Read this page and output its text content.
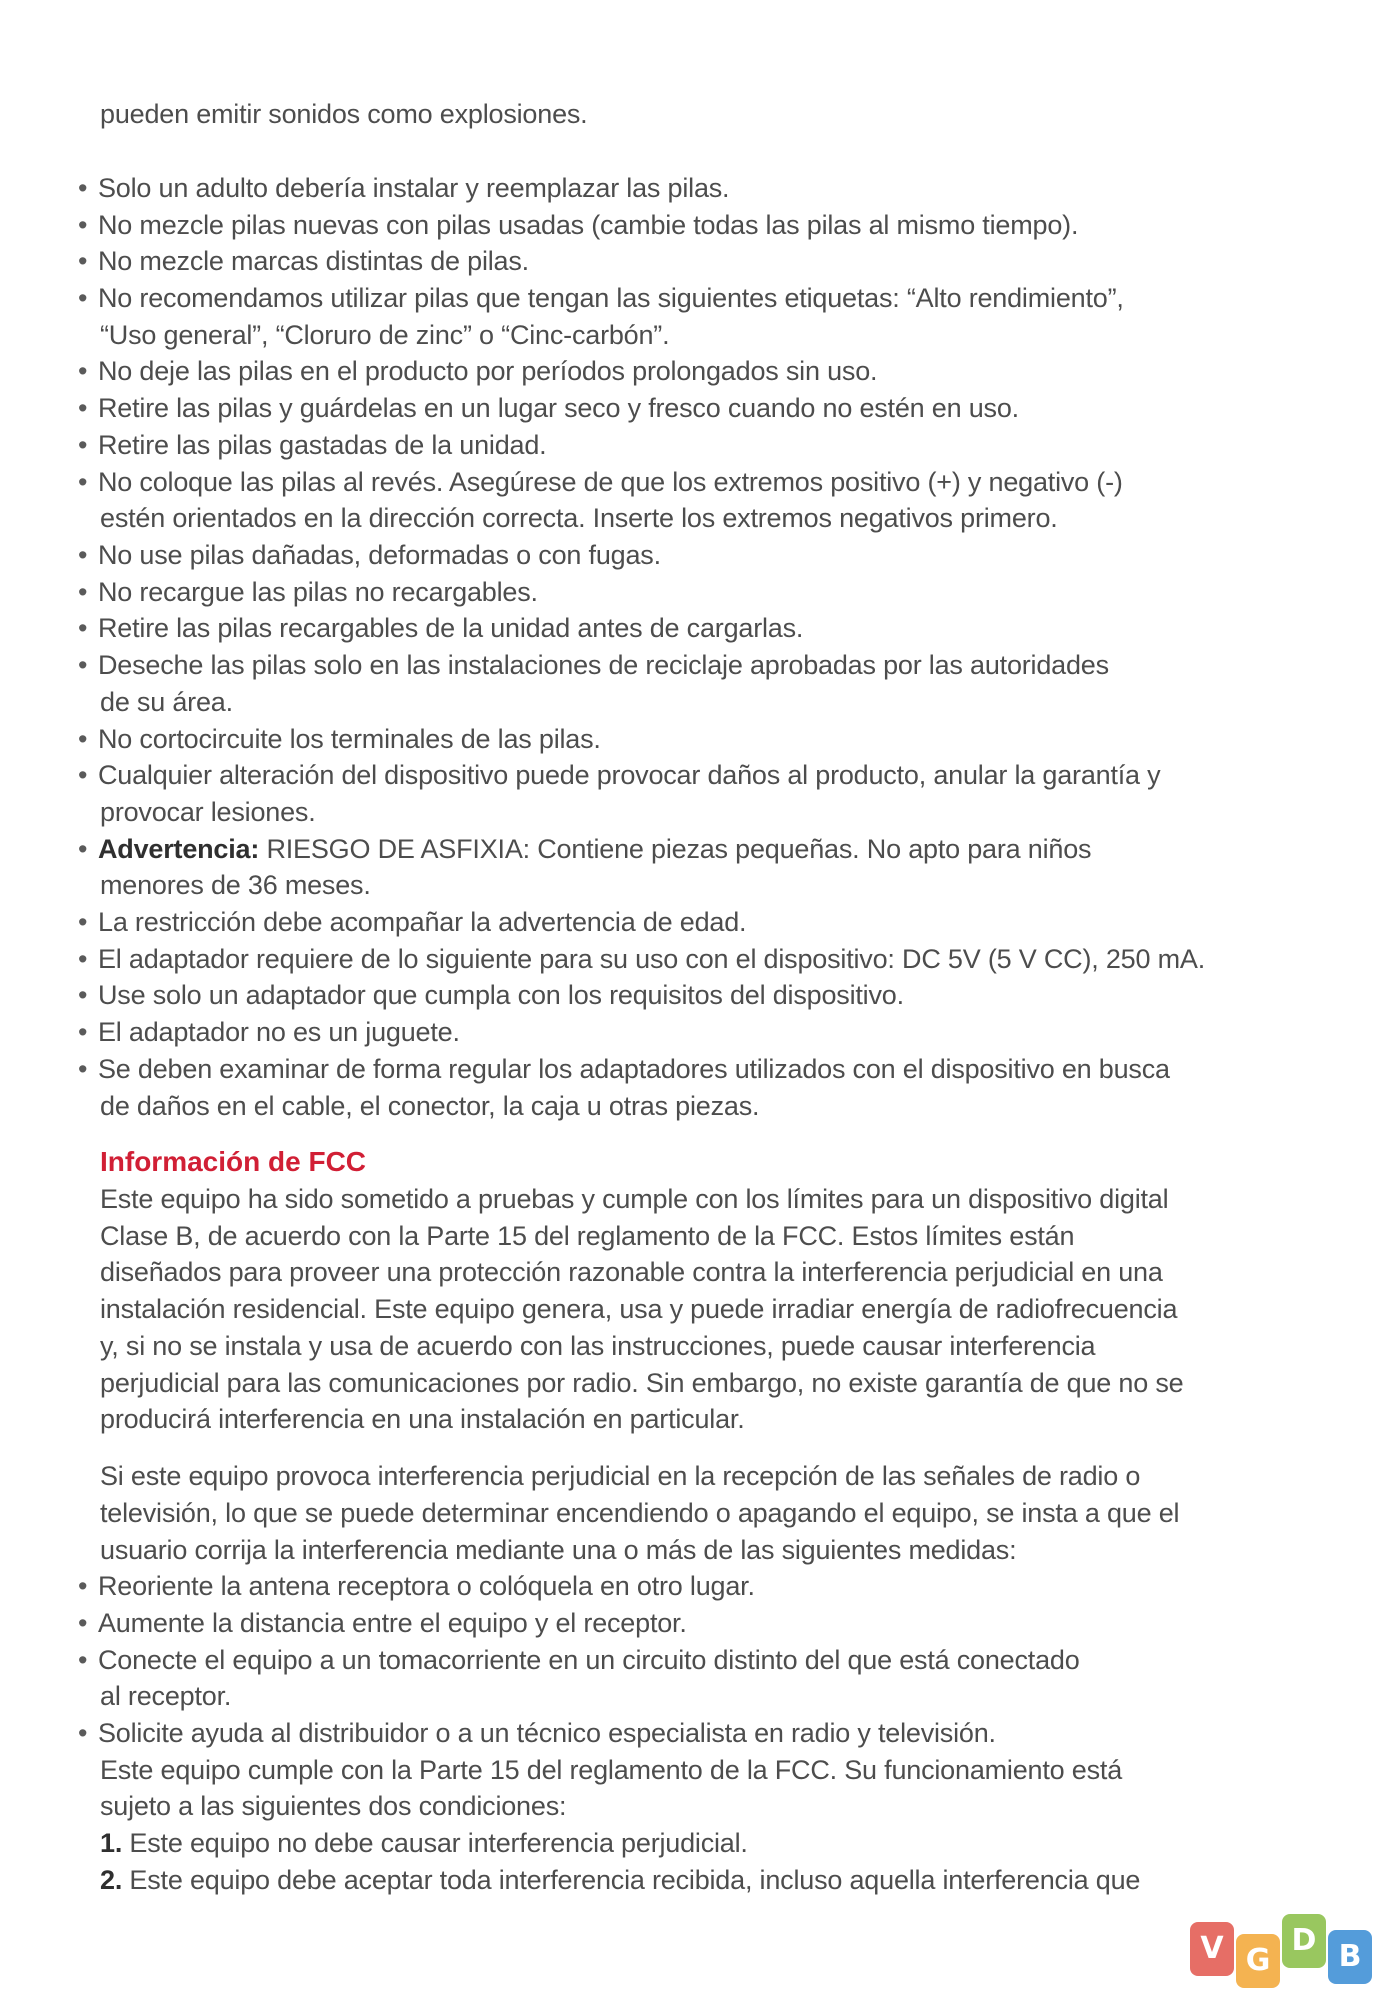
pueden emitir sonidos como explosiones.
• Solo un adulto debería instalar y reemplazar las pilas.
• No mezcle pilas nuevas con pilas usadas (cambie todas las pilas al mismo tiempo).
• No mezcle marcas distintas de pilas.
• No recomendamos utilizar pilas que tengan las siguientes etiquetas: “Alto rendimiento”,
“Uso general”, “Cloruro de zinc” o “Cinc-carbón”.
• No deje las pilas en el producto por períodos prolongados sin uso.
• Retire las pilas y guárdelas en un lugar seco y fresco cuando no estén en uso.
• Retire las pilas gastadas de la unidad.
• No coloque las pilas al revés. Asegúrese de que los extremos positivo (+) y negativo (-)
estén orientados en la dirección correcta. Inserte los extremos negativos primero.
• No use pilas dañadas, deformadas o con fugas.
• No recargue las pilas no recargables.
• Retire las pilas recargables de la unidad antes de cargarlas.
• Deseche las pilas solo en las instalaciones de reciclaje aprobadas por las autoridades
de su área.
• No cortocircuite los terminales de las pilas.
• Cualquier alteración del dispositivo puede provocar daños al producto, anular la garantía y
provocar lesiones.
• Advertencia: RIESGO DE ASFIXIA: Contiene piezas pequeñas. No apto para niños
menores de 36 meses.
• La restricción debe acompañar la advertencia de edad.
• El adaptador requiere de lo siguiente para su uso con el dispositivo: DC 5V (5 V CC), 250 mA.
• Use solo un adaptador que cumpla con los requisitos del dispositivo.
• El adaptador no es un juguete.
• Se deben examinar de forma regular los adaptadores utilizados con el dispositivo en busca
de daños en el cable, el conector, la caja u otras piezas.
Información de FCC
Este equipo ha sido sometido a pruebas y cumple con los límites para un dispositivo digital
Clase B, de acuerdo con la Parte 15 del reglamento de la FCC. Estos límites están
diseñados para proveer una protección razonable contra la interferencia perjudicial en una
instalación residencial. Este equipo genera, usa y puede irradiar energía de radiofrecuencia
y, si no se instala y usa de acuerdo con las instrucciones, puede causar interferencia
perjudicial para las comunicaciones por radio. Sin embargo, no existe garantía de que no se
producirá interferencia en una instalación en particular.
Si este equipo provoca interferencia perjudicial en la recepción de las señales de radio o
televisión, lo que se puede determinar encendiendo o apagando el equipo, se insta a que el
usuario corrija la interferencia mediante una o más de las siguientes medidas:
• Reoriente la antena receptora o colóquela en otro lugar.
• Aumente la distancia entre el equipo y el receptor.
• Conecte el equipo a un tomacorriente en un circuito distinto del que está conectado
al receptor.
• Solicite ayuda al distribuidor o a un técnico especialista en radio y televisión.
Este equipo cumple con la Parte 15 del reglamento de la FCC. Su funcionamiento está
sujeto a las siguientes dos condiciones:
1. Este equipo no debe causar interferencia perjudicial.
2. Este equipo debe aceptar toda interferencia recibida, incluso aquella interferencia que
V G
D B
